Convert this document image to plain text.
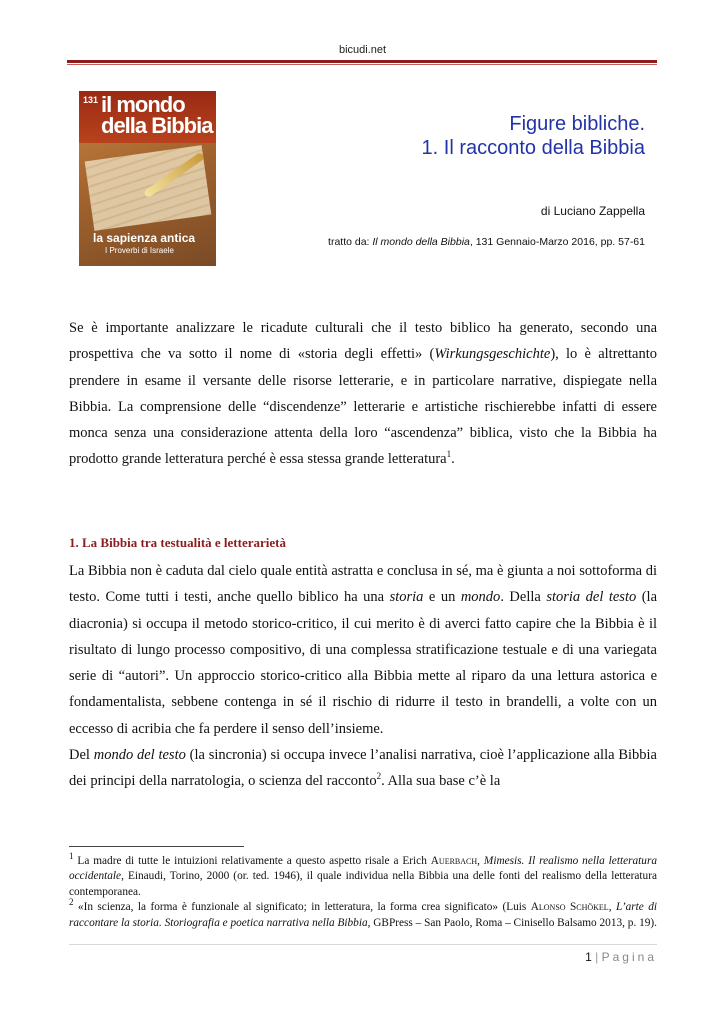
bicudi.net
131 il mondo
della Bibbia
la sapienza antica
I Proverbi di Israele
Figure bibliche.
1. Il racconto della Bibbia
di Luciano Zappella
tratto da: Il mondo della Bibbia, 131 Gennaio-Marzo 2016, pp. 57-61

Se è importante analizzare le ricadute culturali che il testo biblico ha generato, secondo una prospettiva che va sotto il nome di «storia degli effetti» (Wirkungsgeschichte), lo è altrettanto prendere in esame il versante delle risorse letterarie, e in particolare narrative, dispiegate nella Bibbia. La comprensione delle “discendenze” letterarie e artistiche rischierebbe infatti di essere monca senza una considerazione attenta della loro “ascendenza” biblica, visto che la Bibbia ha prodotto grande letteratura perché è essa stessa grande letteratura$^1$.

1. La Bibbia tra testualità e letterarietà

La Bibbia non è caduta dal cielo quale entità astratta e conclusa in sé, ma è giunta a noi sottoforma di testo. Come tutti i testi, anche quello biblico ha una storia e un mondo. Della storia del testo (la diacronia) si occupa il metodo storico-critico, il cui merito è di averci fatto capire che la Bibbia è il risultato di lungo processo compositivo, di una complessa stratificazione testuale e di una variegata serie di “autori”. Un approccio storico-critico alla Bibbia mette al riparo da una lettura astorica e fondamentalista, sebbene contenga in sé il rischio di ridurre il testo in brandelli, a volte con un eccesso di acribia che fa perdere il senso dell’insieme.

Del mondo del testo (la sincronia) si occupa invece l’analisi narrativa, cioè l’applicazione alla Bibbia dei principi della narratologia, o scienza del racconto$^2$. Alla sua base c’è la

$^1$ La madre di tutte le intuizioni relativamente a questo aspetto risale a Erich Auerbach, Mimesis. Il realismo nella letteratura occidentale, Einaudi, Torino, 2000 (or. ted. 1946), il quale individua nella Bibbia una delle fonti del realismo della letteratura contemporanea.

$^2$ «In scienza, la forma è funzionale al significato; in letteratura, la forma crea significato» (Luis Alonso Schökel, L’arte di raccontare la storia. Storiografia e poetica narrativa nella Bibbia, GBPress – San Paolo, Roma – Cinisello Balsamo 2013, p. 19).

1 | Pagina
